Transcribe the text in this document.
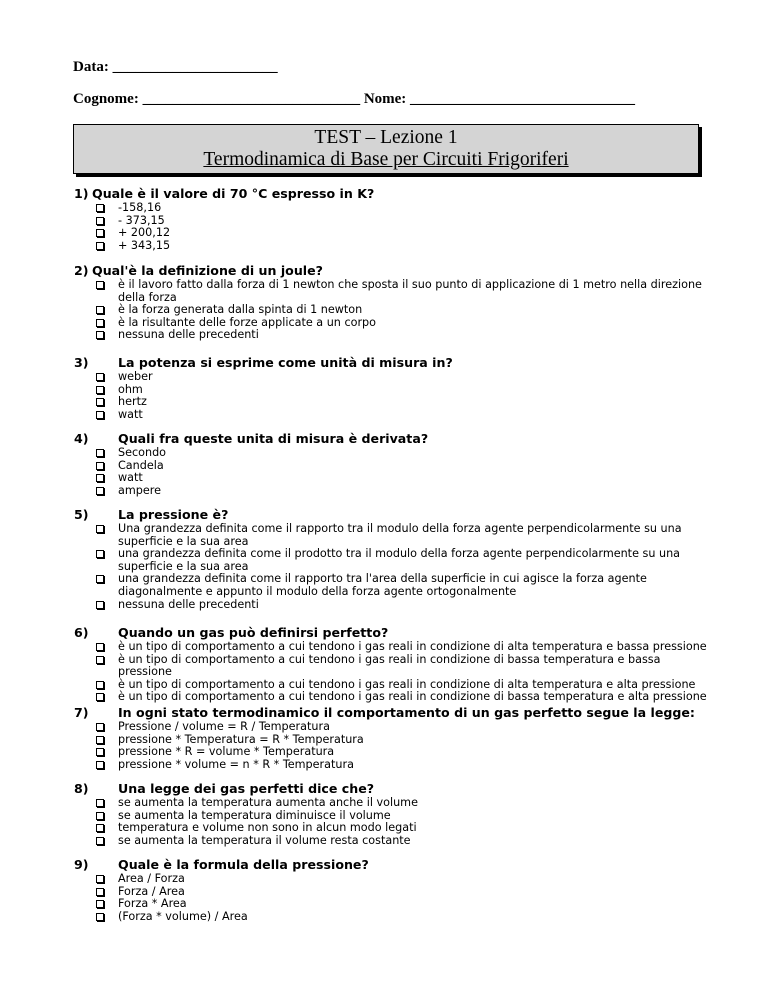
Data: ______________________
Cognome: _____________________________ Nome: ______________________________
TEST – Lezione 1
Termodinamica di Base per Circuiti Frigoriferi
1) Quale è il valore di 70 °C espresso in K?
-158,16
- 373,15
+ 200,12
+ 343,15
2) Qual'è la definizione di un joule?
è il lavoro fatto dalla forza di 1 newton che sposta il suo punto di applicazione di 1 metro nella direzione della forza
è la forza generata dalla spinta di 1 newton
è la risultante delle forze applicate a un corpo
nessuna delle precedenti
3) La potenza si esprime come unità di misura in?
weber
ohm
hertz
watt
4) Quali fra queste unita di misura è derivata?
Secondo
Candela
watt
ampere
5) La pressione è?
Una grandezza definita come il rapporto tra il modulo della forza agente perpendicolarmente su una superficie e la sua area
una grandezza definita come il prodotto tra il modulo della forza agente perpendicolarmente su una superficie e la sua area
una grandezza definita come il rapporto tra l'area della superficie in cui agisce la forza agente diagonalmente e appunto il modulo della forza agente ortogonalmente
nessuna delle precedenti
6) Quando un gas può definirsi perfetto?
è un tipo di comportamento a cui tendono i gas reali in condizione di alta temperatura e bassa pressione
è un tipo di comportamento a cui tendono i gas reali in condizione di bassa temperatura e bassa pressione
è un tipo di comportamento a cui tendono i gas reali in condizione di alta temperatura e alta pressione
è un tipo di comportamento a cui tendono i gas reali in condizione di bassa temperatura e alta pressione
7) In ogni stato termodinamico il comportamento di un gas perfetto segue la legge:
Pressione / volume = R / Temperatura
pressione * Temperatura = R * Temperatura
pressione * R = volume * Temperatura
pressione * volume = n * R * Temperatura
8) Una legge dei gas perfetti dice che?
se aumenta la temperatura aumenta anche il volume
se aumenta la temperatura diminuisce il volume
temperatura e volume non sono in alcun modo legati
se aumenta la temperatura il volume resta costante
9) Quale è la formula della pressione?
Area / Forza
Forza / Area
Forza * Area
(Forza * volume) / Area
